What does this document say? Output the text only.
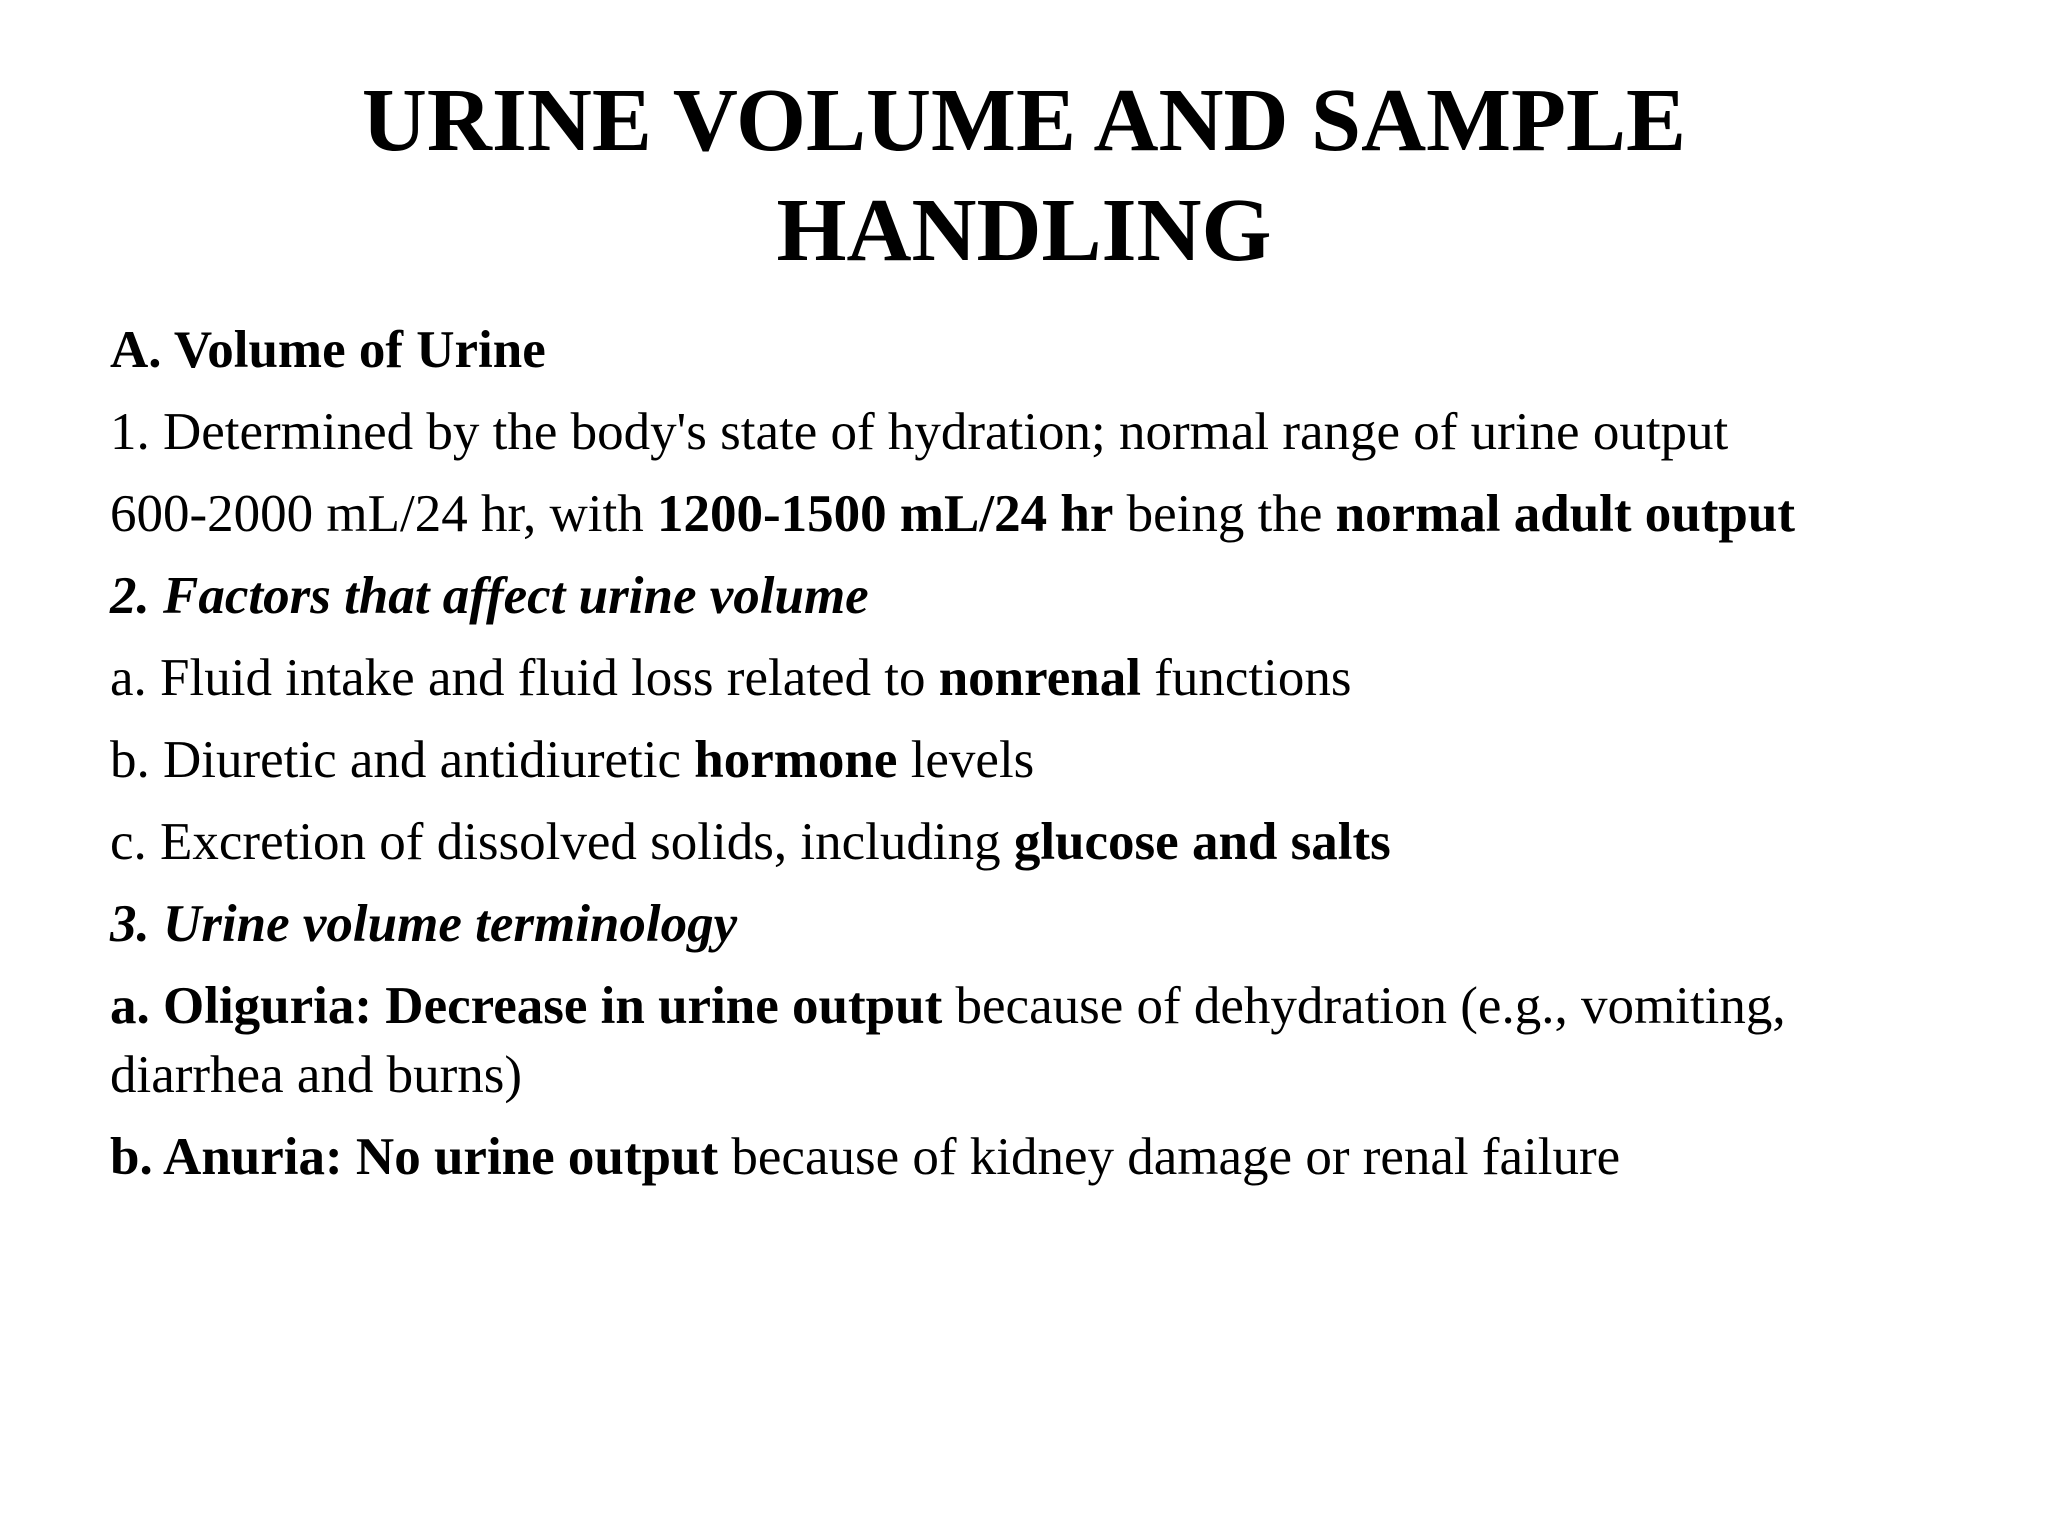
URINE VOLUME AND SAMPLE
HANDLING

A. Volume of Urine

1. Determined by the body's state of hydration; normal range of urine output

600-2000 mL/24 hr, with 1200-1500 mL/24 hr being the normal adult output

2. Factors that affect urine volume

a. Fluid intake and fluid loss related to nonrenal functions

b. Diuretic and antidiuretic hormone levels

c. Excretion of dissolved solids, including glucose and salts

3. Urine volume terminology

a. Oliguria: Decrease in urine output because of dehydration (e.g., vomiting, diarrhea and burns)

b. Anuria: No urine output because of kidney damage or renal failure
